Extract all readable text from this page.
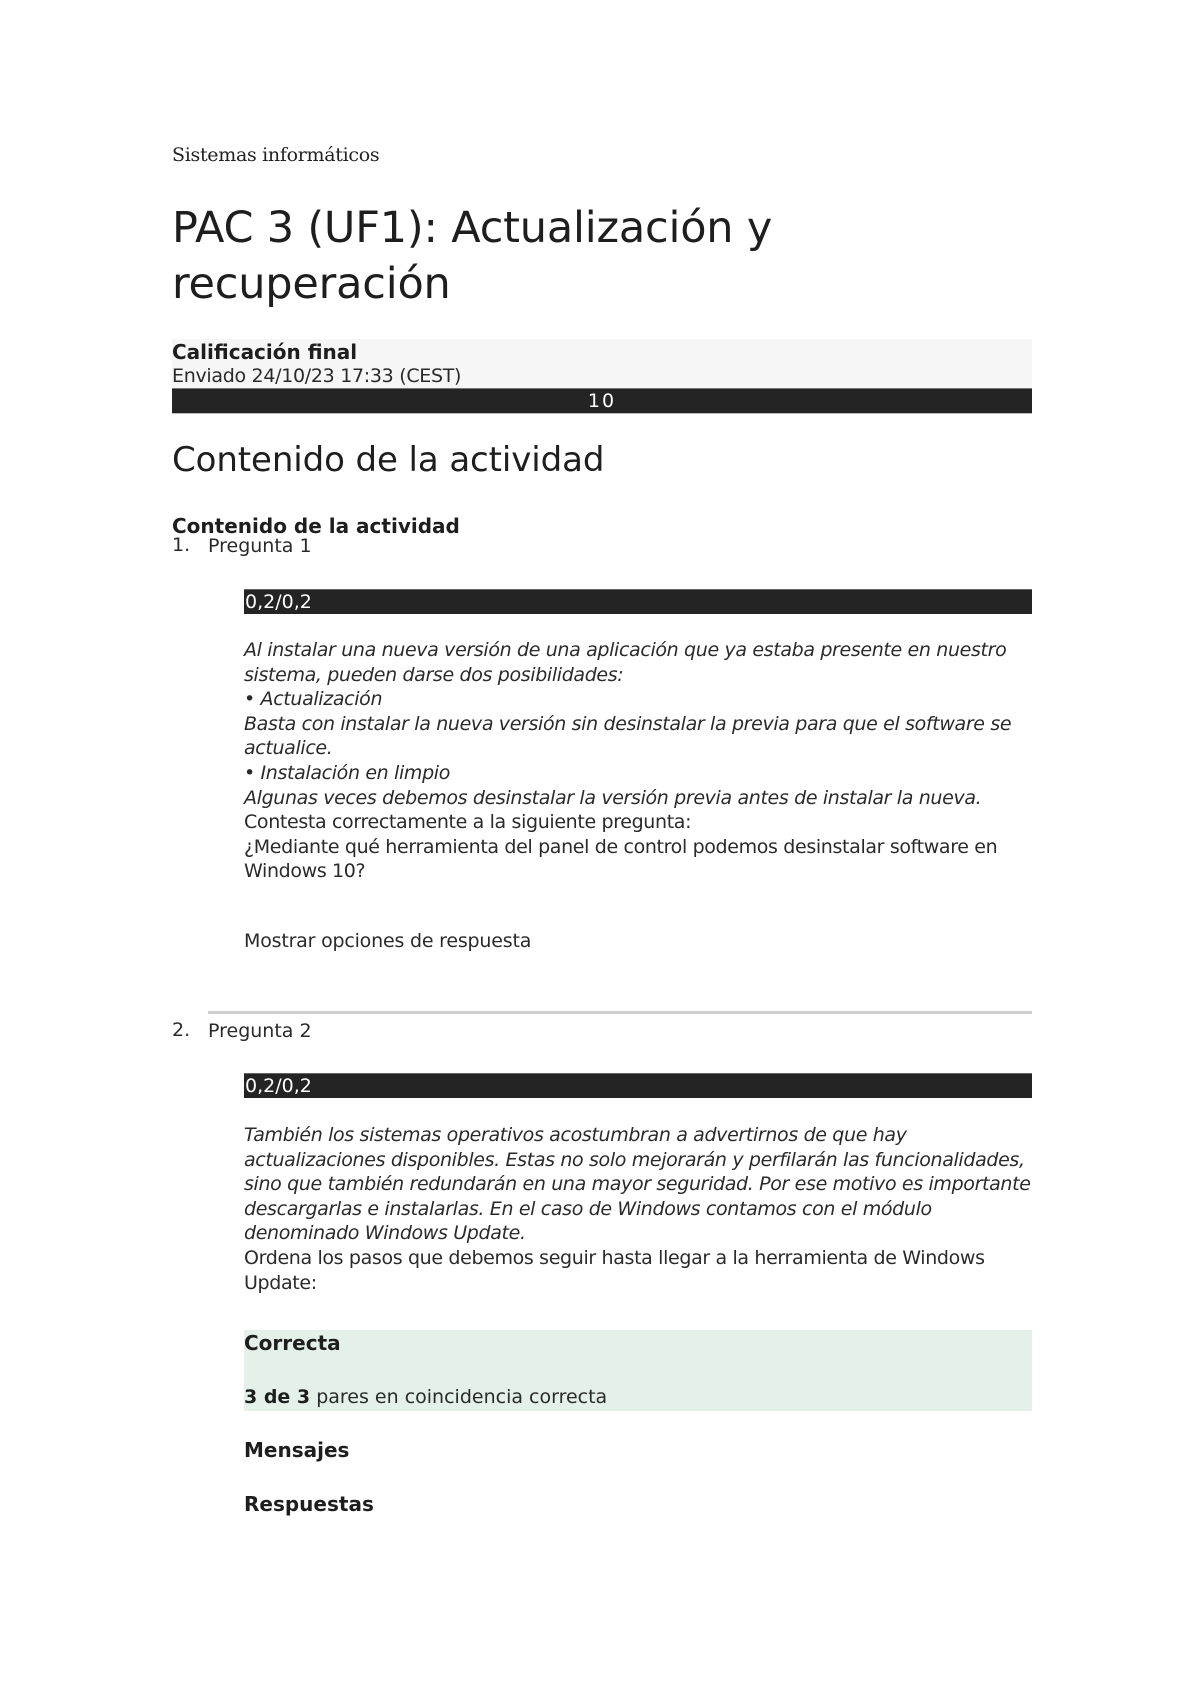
Sistemas informáticos
PAC 3 (UF1): Actualización y recuperación
Calificación final
Enviado 24/10/23 17:33 (CEST)
10
Contenido de la actividad
Contenido de la actividad
1. Pregunta 1
0,2/0,2
Al instalar una nueva versión de una aplicación que ya estaba presente en nuestro sistema, pueden darse dos posibilidades:
• Actualización
Basta con instalar la nueva versión sin desinstalar la previa para que el software se actualice.
• Instalación en limpio
Algunas veces debemos desinstalar la versión previa antes de instalar la nueva.
Contesta correctamente a la siguiente pregunta:
¿Mediante qué herramienta del panel de control podemos desinstalar software en Windows 10?
Mostrar opciones de respuesta
2. Pregunta 2
0,2/0,2
También los sistemas operativos acostumbran a advertirnos de que hay actualizaciones disponibles. Estas no solo mejorarán y perfilarán las funcionalidades, sino que también redundarán en una mayor seguridad. Por ese motivo es importante descargarlas e instalarlas. En el caso de Windows contamos con el módulo denominado Windows Update.
Ordena los pasos que debemos seguir hasta llegar a la herramienta de Windows Update:
Correcta
3 de 3 pares en coincidencia correcta
Mensajes
Respuestas
